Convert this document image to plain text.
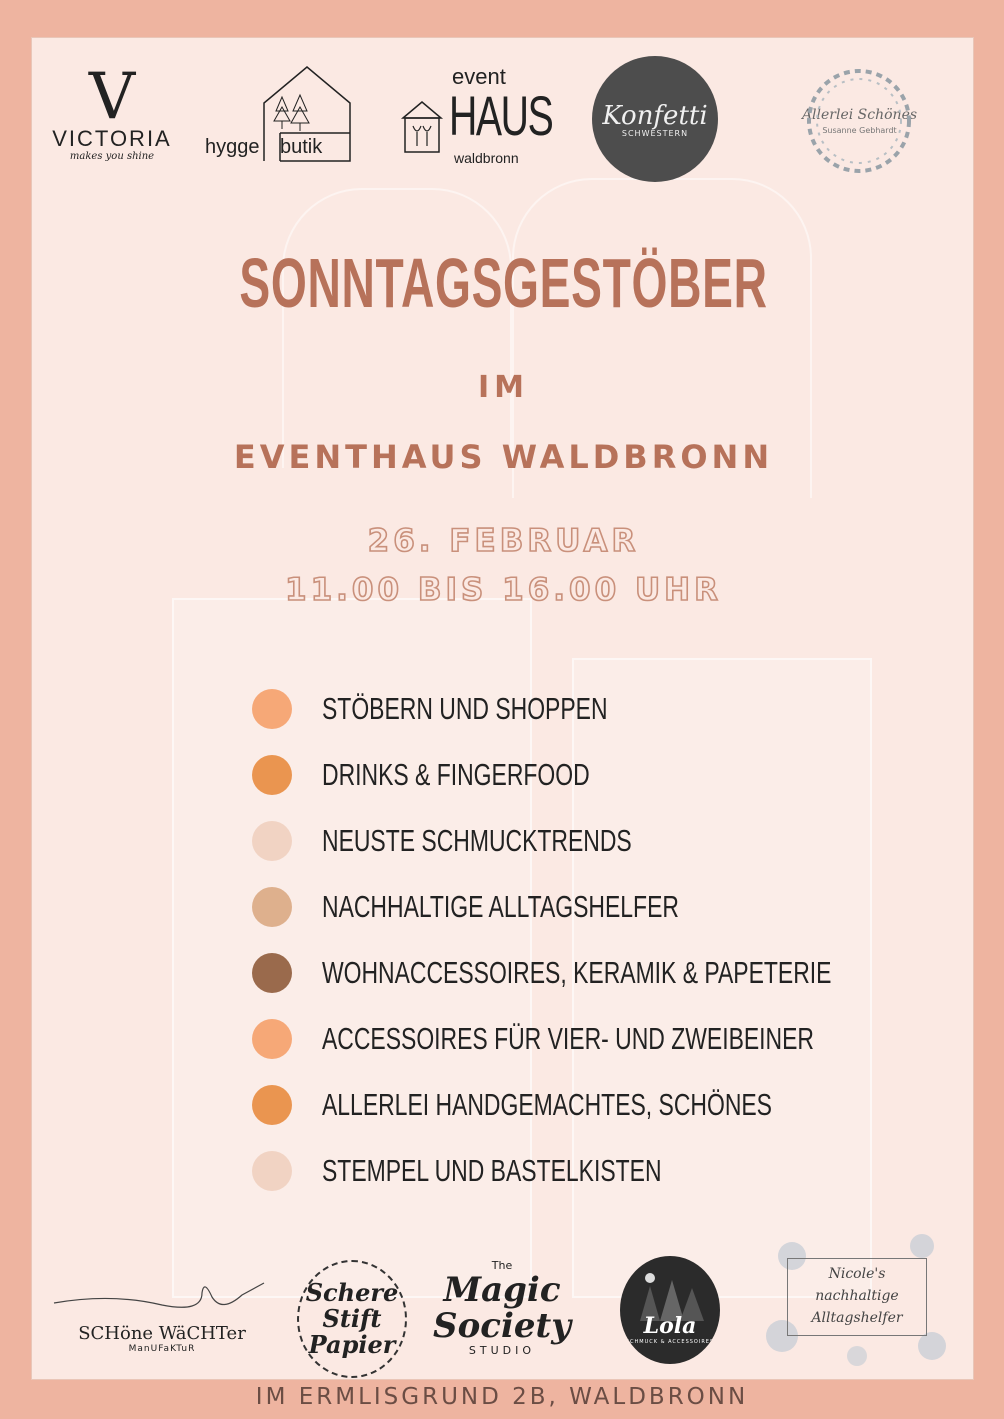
V
VICTORIA
makes you shine	hygge butik
event
HAUS
waldbronn
Konfetti
SCHWESTERN
Allerlei Schönes
Susanne Gebhardt
SONNTAGSGESTÖBER
IM
EVENTHAUS WALDBRONN
26. FEBRUAR
11.00 BIS 16.00 UHR
STÖBERN UND SHOPPEN
DRINKS & FINGERFOOD
NEUSTE SCHMUCKTRENDS
NACHHALTIGE ALLTAGSHELFER
WOHNACCESSOIRES, KERAMIK & PAPETERIE
ACCESSOIRES FÜR VIER- UND ZWEIBEINER
ALLERLEI HANDGEMACHTES, SCHÖNES
STEMPEL UND BASTELKISTEN
SCHöne WäCHTer
ManUFaKTuR
Schere
Stift
Papier
The
Magic
Society
STUDIO
Lola
SCHMUCK & ACCESSOIRES
Nicole's
nachhaltige
Alltagshelfer
IM ERMLISGRUND 2B, WALDBRONN
